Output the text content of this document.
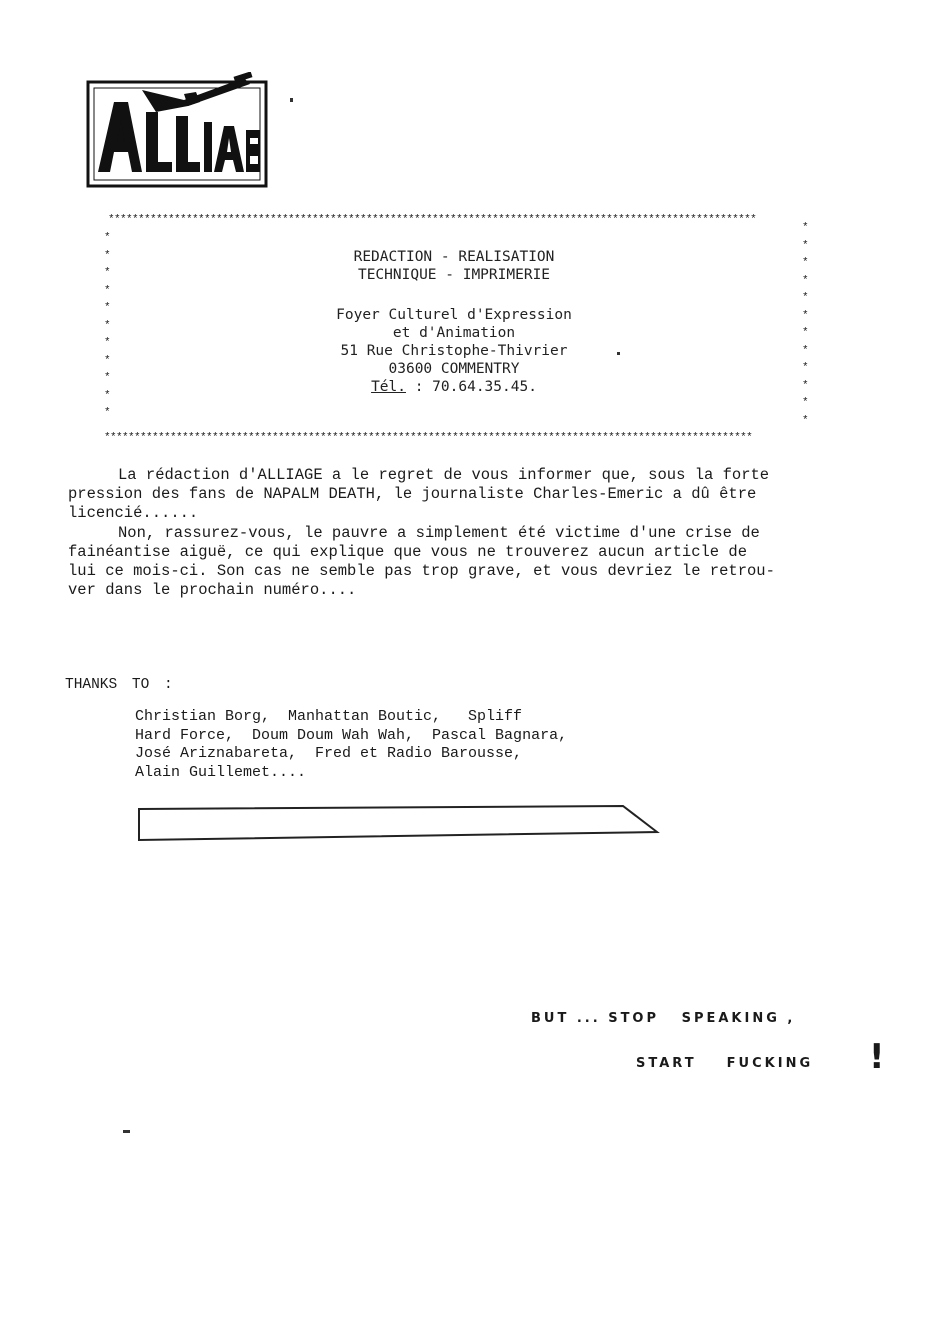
************************************************************************************************************
*
*
*
*
*
*
*
*
*
*
*
*
*
*
*
*
*
*
*
*
*
*
*
REDACTION - REALISATION
TECHNIQUE - IMPRIMERIE
Foyer Culturel d'Expression
et d'Animation
51 Rue Christophe-Thivrier
03600 COMMENTRY
Tél. : 70.64.35.45.
************************************************************************************************************

La rédaction d'ALLIAGE a le regret de vous informer que, sous la forte
pression des fans de NAPALM DEATH, le journaliste Charles-Emeric a dû être
licencié......

Non, rassurez-vous, le pauvre a simplement été victime d'une crise de
fainéantise aiguë, ce qui explique que vous ne trouverez aucun article de
lui ce mois-ci. Son cas ne semble pas trop grave, et vous devriez le retrou-
ver dans le prochain numéro....

THANKS TO :
Christian Borg,  Manhattan Boutic,   Spliff
Hard Force,  Doum Doum Wah Wah,  Pascal Bagnara,
José Ariznabareta,  Fred et Radio Barousse,
Alain Guillemet....
BUT ... STOP   SPEAKING ,
START    FUCKING !
